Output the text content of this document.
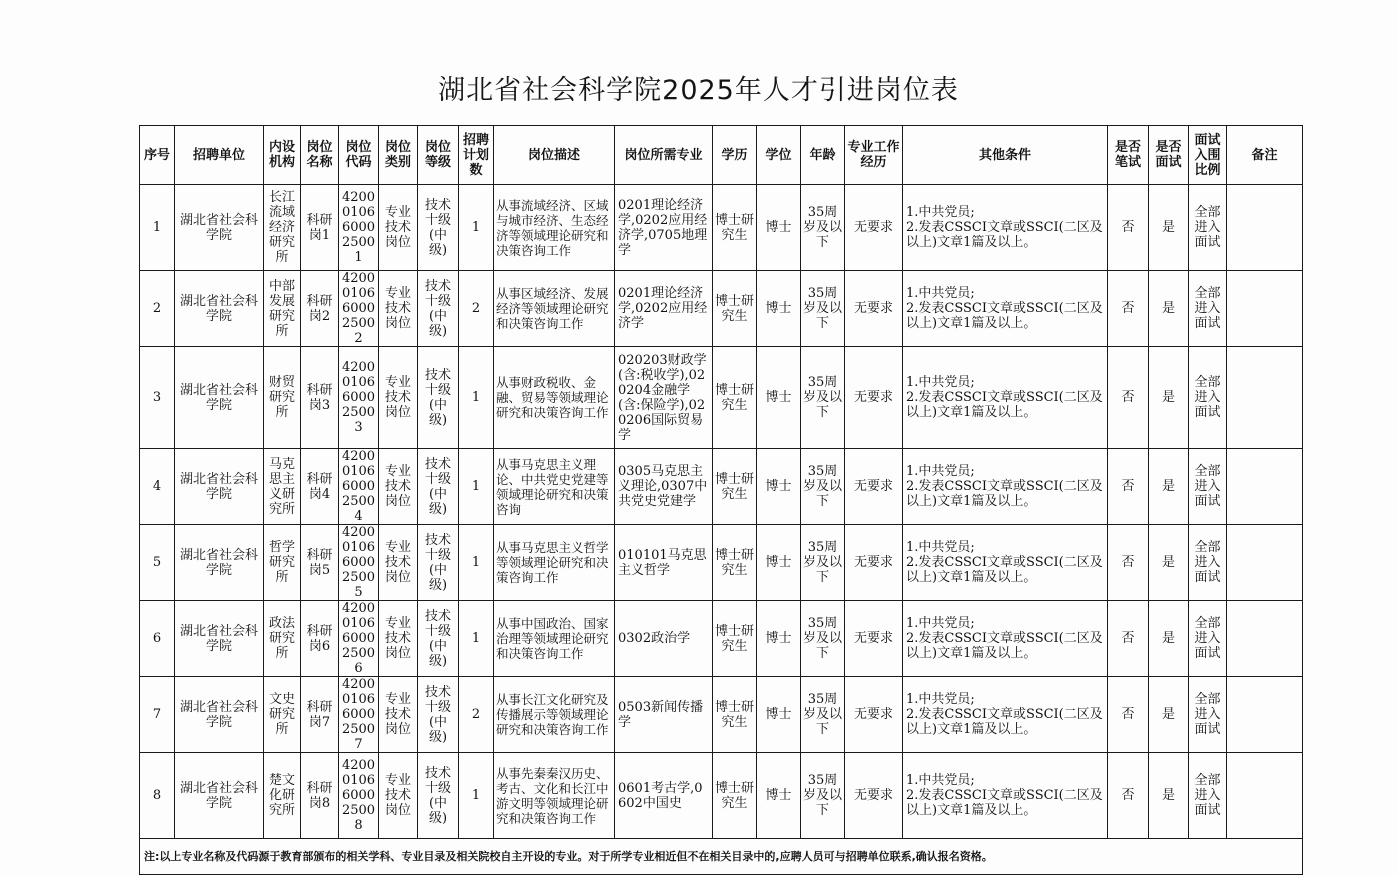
湖北省社会科学院2025年人才引进岗位表
序号	招聘单位	内设机构	岗位名称	岗位代码	岗位类别	岗位等级	招聘计划数	岗位描述	岗位所需专业	学历	学位	年龄	专业工作经历	其他条件	是否笔试	是否面试	面试入围比例	备注
1	湖北省社会科学院	长江流域经济研究所	科研岗1	42000106600025001	专业技术岗位	技术十级(中级)	1	从事流域经济、区域与城市经济、生态经济等领域理论研究和决策咨询工作	0201理论经济学,0202应用经济学,0705地理学	博士研究生	博士	35周岁及以下	无要求	1.中共党员;
2.发表CSSCI文章或SSCI(二区及以上)文章1篇及以上。	否	是	全部进入面试	
2	湖北省社会科学院	中部发展研究所	科研岗2	42000106600025002	专业技术岗位	技术十级(中级)	2	从事区域经济、发展经济等领域理论研究和决策咨询工作	0201理论经济学,0202应用经济学	博士研究生	博士	35周岁及以下	无要求	1.中共党员;
2.发表CSSCI文章或SSCI(二区及以上)文章1篇及以上。	否	是	全部进入面试	
3	湖北省社会科学院	财贸研究所	科研岗3	42000106600025003	专业技术岗位	技术十级(中级)	1	从事财政税收、金融、贸易等领域理论研究和决策咨询工作	020203财政学(含:税收学),020204金融学(含:保险学),020206国际贸易学	博士研究生	博士	35周岁及以下	无要求	1.中共党员;
2.发表CSSCI文章或SSCI(二区及以上)文章1篇及以上。	否	是	全部进入面试	
4	湖北省社会科学院	马克思主义研究所	科研岗4	42000106600025004	专业技术岗位	技术十级(中级)	1	从事马克思主义理论、中共党史党建等领域理论研究和决策咨询	0305马克思主义理论,0307中共党史党建学	博士研究生	博士	35周岁及以下	无要求	1.中共党员;
2.发表CSSCI文章或SSCI(二区及以上)文章1篇及以上。	否	是	全部进入面试	
5	湖北省社会科学院	哲学研究所	科研岗5	42000106600025005	专业技术岗位	技术十级(中级)	1	从事马克思主义哲学等领域理论研究和决策咨询工作	010101马克思主义哲学	博士研究生	博士	35周岁及以下	无要求	1.中共党员;
2.发表CSSCI文章或SSCI(二区及以上)文章1篇及以上。	否	是	全部进入面试	
6	湖北省社会科学院	政法研究所	科研岗6	42000106600025006	专业技术岗位	技术十级(中级)	1	从事中国政治、国家治理等领域理论研究和决策咨询工作	0302政治学	博士研究生	博士	35周岁及以下	无要求	1.中共党员;
2.发表CSSCI文章或SSCI(二区及以上)文章1篇及以上。	否	是	全部进入面试	
7	湖北省社会科学院	文史研究所	科研岗7	42000106600025007	专业技术岗位	技术十级(中级)	2	从事长江文化研究及传播展示等领域理论研究和决策咨询工作	0503新闻传播学	博士研究生	博士	35周岁及以下	无要求	1.中共党员;
2.发表CSSCI文章或SSCI(二区及以上)文章1篇及以上。	否	是	全部进入面试	
8	湖北省社会科学院	楚文化研究所	科研岗8	42000106600025008	专业技术岗位	技术十级(中级)	1	从事先秦秦汉历史、考古、文化和长江中游文明等领域理论研究和决策咨询工作	0601考古学,0602中国史	博士研究生	博士	35周岁及以下	无要求	1.中共党员;
2.发表CSSCI文章或SSCI(二区及以上)文章1篇及以上。	否	是	全部进入面试	
注:以上专业名称及代码源于教育部颁布的相关学科、专业目录及相关院校自主开设的专业。对于所学专业相近但不在相关目录中的,应聘人员可与招聘单位联系,确认报名资格。																		
